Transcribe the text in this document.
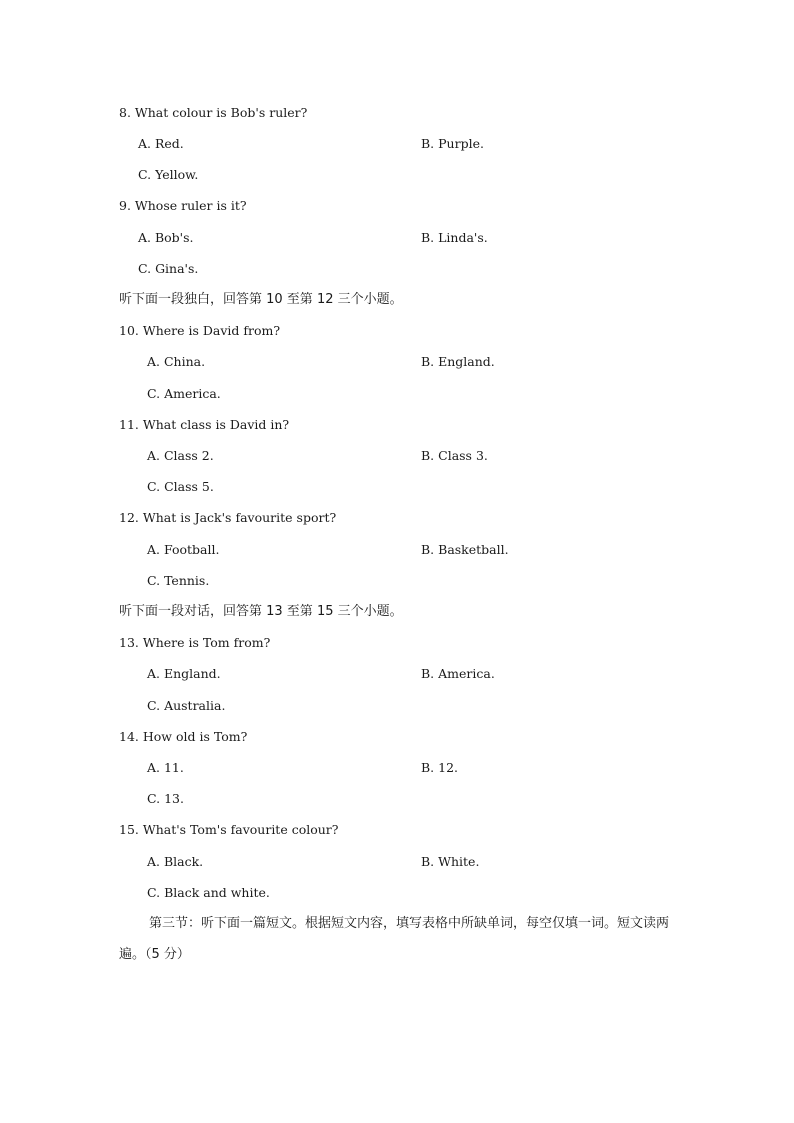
8. What colour is Bob's ruler?
A. Red.	B. Purple.
C. Yellow.
9. Whose ruler is it?
A. Bob's.	B. Linda's.
C. Gina's.
听下面一段独白，回答第 10 至第 12 三个小题。
10. Where is David from?
A. China.	B. England.
C. America.
11. What class is David in?
A. Class 2.	B. Class 3.
C. Class 5.
12. What is Jack's favourite sport?
A. Football.	B. Basketball.
C. Tennis.
听下面一段对话，回答第 13 至第 15 三个小题。
13. Where is Tom from?
A. England.	B. America.
C. Australia.
14. How old is Tom?
A. 11.	B. 12.
C. 13.
15. What's Tom's favourite colour?
A. Black.	B. White.
C. Black and white.
第三节：听下面一篇短文。根据短文内容，填写表格中所缺单词，每空仅填一词。短文读两遍。（5 分）
